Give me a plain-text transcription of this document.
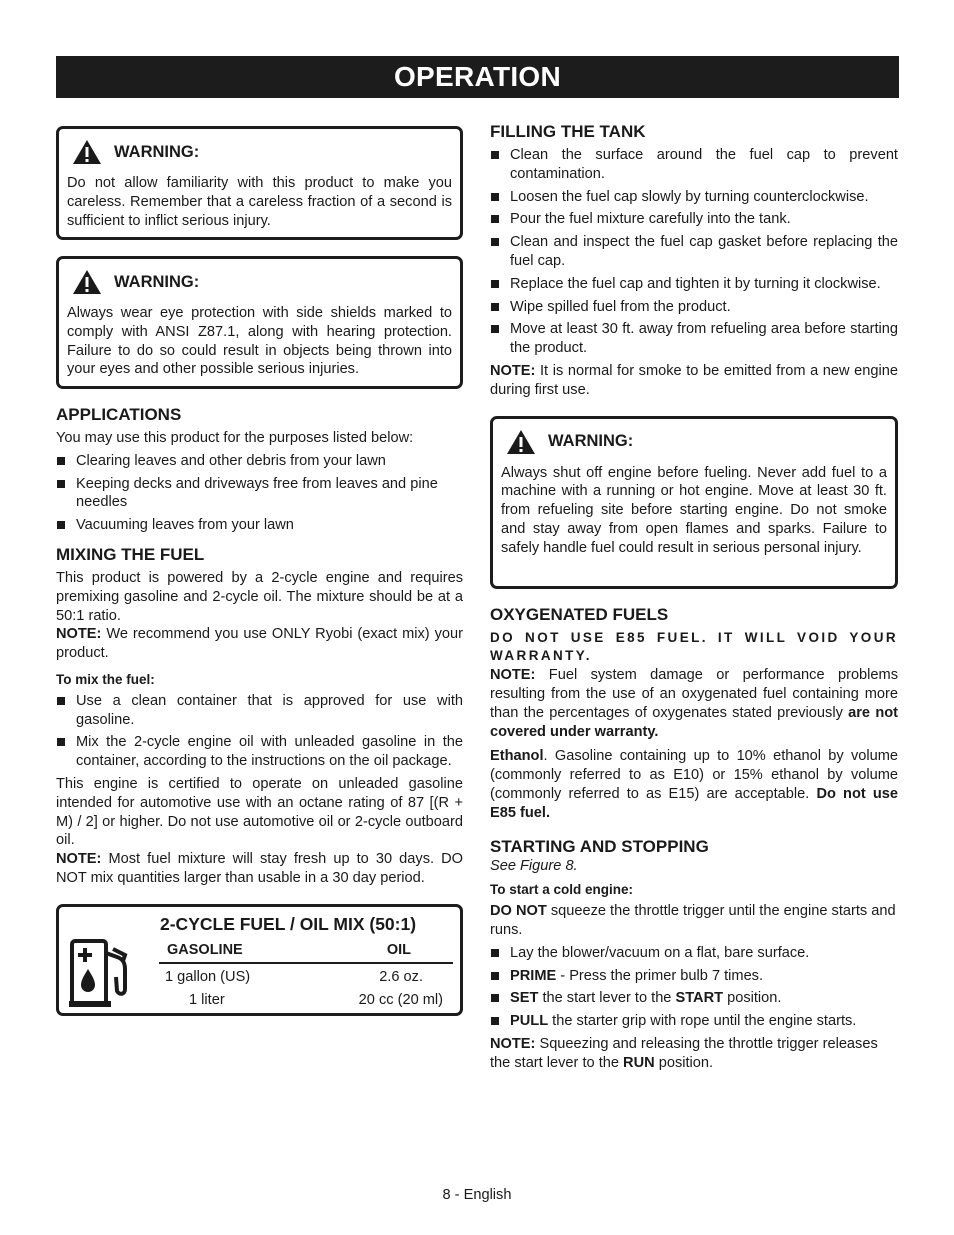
OPERATION
WARNING:

Do not allow familiarity with this product to make you careless. Remember that a careless fraction of a second is sufficient to inflict serious injury.

WARNING:

Always wear eye protection with side shields marked to comply with ANSI Z87.1, along with hearing protection. Failure to do so could result in objects being thrown into your eyes and other possible serious injuries.

APPLICATIONS

You may use this product for the purposes listed below:

Clearing leaves and other debris from your lawn
Keeping decks and driveways free from leaves and pine needles
Vacuuming leaves from your lawn
MIXING THE FUEL

This product is powered by a 2-cycle engine and requires premixing gasoline and 2-cycle oil. The mixture should be at a 50:1 ratio.

NOTE: We recommend you use ONLY Ryobi (exact mix) your product.

To mix the fuel:
Use a clean container that is approved for use with gasoline.
Mix the 2-cycle engine oil with unleaded gasoline in the container, according to the instructions on the oil package.

This engine is certified to operate on unleaded gasoline intended for automotive use with an octane rating of 87 [(R + M) / 2] or higher. Do not use automotive oil or 2-cycle outboard oil.

NOTE: Most fuel mixture will stay fresh up to 30 days. DO NOT mix quantities larger than usable in a 30 day period.

2-CYCLE FUEL / OIL MIX (50:1)
GASOLINE	OIL
1 gallon (US)	2.6 oz.
1 liter	20 cc (20 ml)
FILLING THE TANK
Clean the surface around the fuel cap to prevent contamination.
Loosen the fuel cap slowly by turning counterclockwise.
Pour the fuel mixture carefully into the tank.
Clean and inspect the fuel cap gasket before replacing the fuel cap.
Replace the fuel cap and tighten it by turning it clockwise.
Wipe spilled fuel from the product.
Move at least 30 ft. away from refueling area before starting the product.

NOTE: It is normal for smoke to be emitted from a new engine during first use.

WARNING:

Always shut off engine before fueling. Never add fuel to a machine with a running or hot engine. Move at least 30 ft. from refueling site before starting engine. Do not smoke and stay away from open flames and sparks. Failure to safely handle fuel could result in serious personal injury.

OXYGENATED FUELS

DO NOT USE E85 FUEL. IT WILL VOID YOUR WARRANTY.

NOTE: Fuel system damage or performance problems resulting from the use of an oxygenated fuel containing more than the percentages of oxygenates stated previously are not covered under warranty.

Ethanol. Gasoline containing up to 10% ethanol by volume (commonly referred to as E10) or 15% ethanol by volume (commonly referred to as E15) are acceptable. Do not use E85 fuel.

STARTING AND STOPPING

See Figure 8.

To start a cold engine:

DO NOT squeeze the throttle trigger until the engine starts and runs.

Lay the blower/vacuum on a flat, bare surface.
PRIME - Press the primer bulb 7 times.
SET the start lever to the START position.
PULL the starter grip with rope until the engine starts.

NOTE: Squeezing and releasing the throttle trigger releases the start lever to the RUN position.

8 - English
